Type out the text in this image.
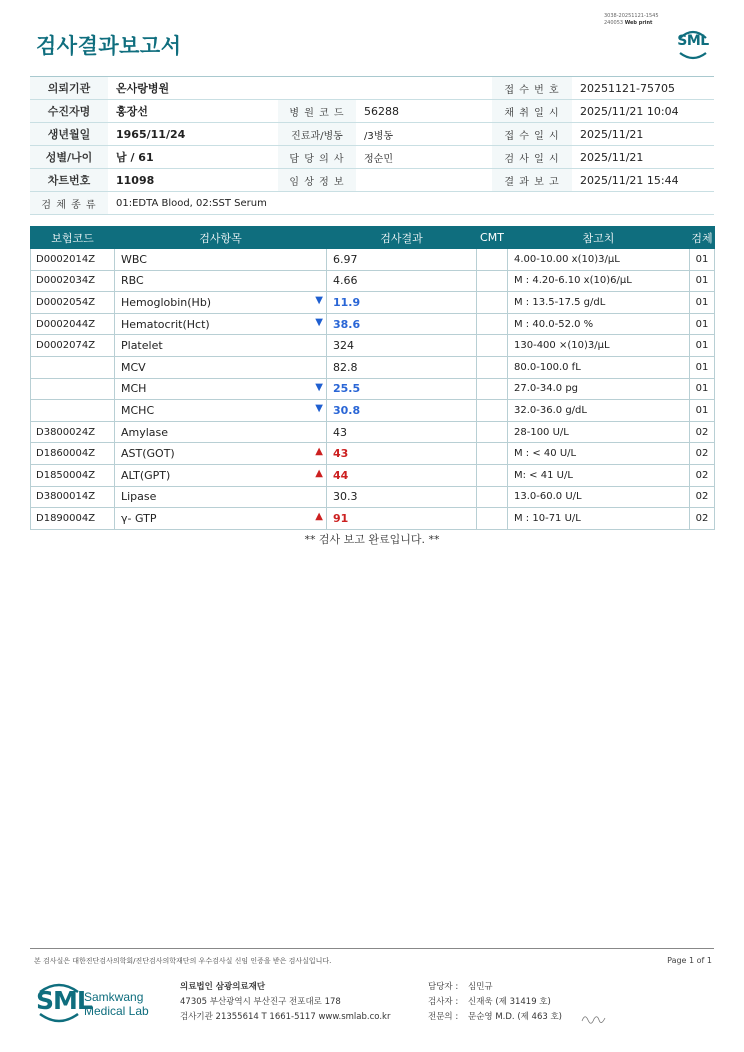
검사결과보고서
3038-20251121-1545
240053 Web print
SML
의뢰기관	온사랑병원			접 수 번 호	20251121-75705
수진자명	홍장선	병 원 코 드	56288	채 취 일 시	2025/11/21 10:04
생년월일	1965/11/24	진료과/병동	/3병동	접 수 일 시	2025/11/21
성별/나이	남 / 61	담 당 의 사	정순민	검 사 일 시	2025/11/21
차트번호	11098	임 상 정 보		결 과 보 고	2025/11/21 15:44
검 체 종 류	01:EDTA Blood, 02:SST Serum				
보험코드	검사항목	검사결과	CMT	참고치	검체
D0002014Z	WBC	6.97		4.00-10.00 x(10)3/μL	01
D0002034Z	RBC	4.66		M : 4.20-6.10 x(10)6/μL	01
D0002054Z	Hemoglobin(Hb) ▼	11.9		M : 13.5-17.5 g/dL	01
D0002044Z	Hematocrit(Hct) ▼	38.6		M : 40.0-52.0 %	01
D0002074Z	Platelet	324		130-400 ×(10)3/μL	01
	MCV	82.8		80.0-100.0 fL	01
	MCH ▼	25.5		27.0-34.0 pg	01
	MCHC ▼	30.8		32.0-36.0 g/dL	01
D3800024Z	Amylase	43		28-100 U/L	02
D1860004Z	AST(GOT) ▲	43		M : < 40 U/L	02
D1850004Z	ALT(GPT) ▲	44		M: < 41 U/L	02
D3800014Z	Lipase	30.3		13.0-60.0 U/L	02
D1890004Z	γ- GTP ▲	91		M : 10-71 U/L	02
** 검사 보고 완료입니다. **
본 검사실은 대한진단검사의학회/진단검사의학재단의 우수검사실 신임 인증을 받은 검사실입니다.	Page 1 of 1
SML
Samkwang
Medical Lab
의료법인 삼광의료재단
47305 부산광역시 부산진구 전포대로 178
검사기관 21355614 T 1661-5117 www.smlab.co.kr
담당자 : 심민규
검사자 : 신재욱 (제 31419 호)
전문의 : 문순영 M.D. (제 463 호)
